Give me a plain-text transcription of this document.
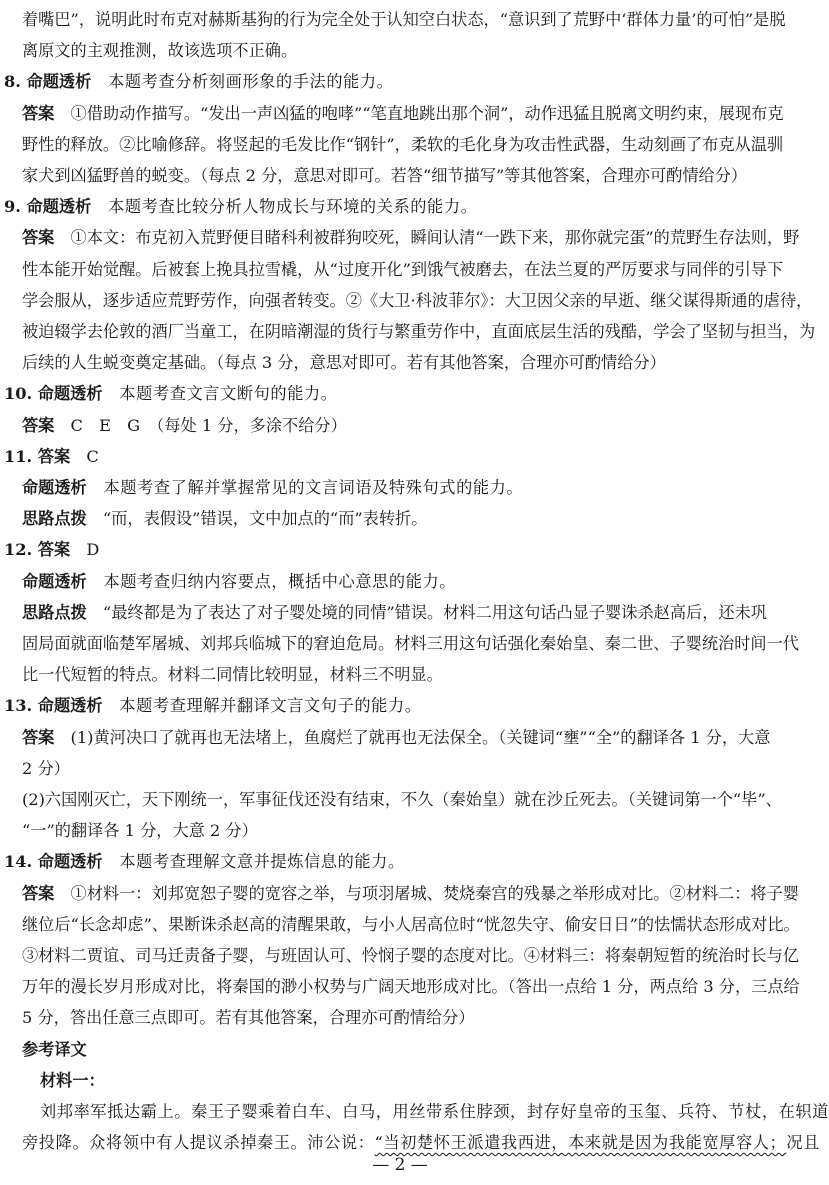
着嘴巴”，说明此时布克对赫斯基狗的行为完全处于认知空白状态，“意识到了荒野中‘群体力量’的可怕”是脱
离原文的主观推测，故该选项不正确。
8. 命题透析　本题考查分析刻画形象的手法的能力。
答案　①借助动作描写。“发出一声凶猛的咆哮”“笔直地跳出那个洞”，动作迅猛且脱离文明约束，展现布克
野性的释放。②比喻修辞。将竖起的毛发比作“钢针”，柔软的毛化身为攻击性武器，生动刻画了布克从温驯
家犬到凶猛野兽的蜕变。（每点 2 分，意思对即可。若答“细节描写”等其他答案，合理亦可酌情给分）
9. 命题透析　本题考查比较分析人物成长与环境的关系的能力。
答案　①本文：布克初入荒野便目睹科利被群狗咬死，瞬间认清“一跌下来，那你就完蛋”的荒野生存法则，野
性本能开始觉醒。后被套上挽具拉雪橇，从“过度开化”到饿气被磨去，在法兰夏的严厉要求与同伴的引导下
学会服从，逐步适应荒野劳作，向强者转变。②《大卫·科波菲尔》：大卫因父亲的早逝、继父谋得斯通的虐待，
被迫辍学去伦敦的酒厂当童工，在阴暗潮湿的货行与繁重劳作中，直面底层生活的残酷，学会了坚韧与担当，为
后续的人生蜕变奠定基础。（每点 3 分，意思对即可。若有其他答案，合理亦可酌情给分）
10. 命题透析　本题考查文言文断句的能力。
答案　C　E　G　（每处 1 分，多涂不给分）
11. 答案　C
命题透析　本题考查了解并掌握常见的文言词语及特殊句式的能力。
思路点拨　“而，表假设”错误，文中加点的“而”表转折。
12. 答案　D
命题透析　本题考查归纳内容要点，概括中心意思的能力。
思路点拨　“最终都是为了表达了对子婴处境的同情”错误。材料二用这句话凸显子婴诛杀赵高后，还未巩
固局面就面临楚军屠城、刘邦兵临城下的窘迫危局。材料三用这句话强化秦始皇、秦二世、子婴统治时间一代
比一代短暂的特点。材料二同情比较明显，材料三不明显。
13. 命题透析　本题考查理解并翻译文言文句子的能力。
答案　(1)黄河决口了就再也无法堵上，鱼腐烂了就再也无法保全。（关键词“壅”“全”的翻译各 1 分，大意
2 分）
(2)六国刚灭亡，天下刚统一，军事征伐还没有结束，不久（秦始皇）就在沙丘死去。（关键词第一个“毕”、
“一”的翻译各 1 分，大意 2 分）
14. 命题透析　本题考查理解文意并提炼信息的能力。
答案　①材料一：刘邦宽恕子婴的宽容之举，与项羽屠城、焚烧秦宫的残暴之举形成对比。②材料二：将子婴
继位后“长念却虑”、果断诛杀赵高的清醒果敢，与小人居高位时“恍忽失守、偷安日日”的怯懦状态形成对比。
③材料二贾谊、司马迁责备子婴，与班固认可、怜悯子婴的态度对比。④材料三：将秦朝短暂的统治时长与亿
万年的漫长岁月形成对比，将秦国的渺小权势与广阔天地形成对比。（答出一点给 1 分，两点给 3 分，三点给
5 分，答出任意三点即可。若有其他答案，合理亦可酌情给分）
参考译文
材料一：
刘邦率军抵达霸上。秦王子婴乘着白车、白马，用丝带系住脖颈，封存好皇帝的玉玺、兵符、节杖，在轵道
旁投降。众将领中有人提议杀掉秦王。沛公说：“当初楚怀王派遣我西进，本来就是因为我能宽厚容人；况且
— 2 —
